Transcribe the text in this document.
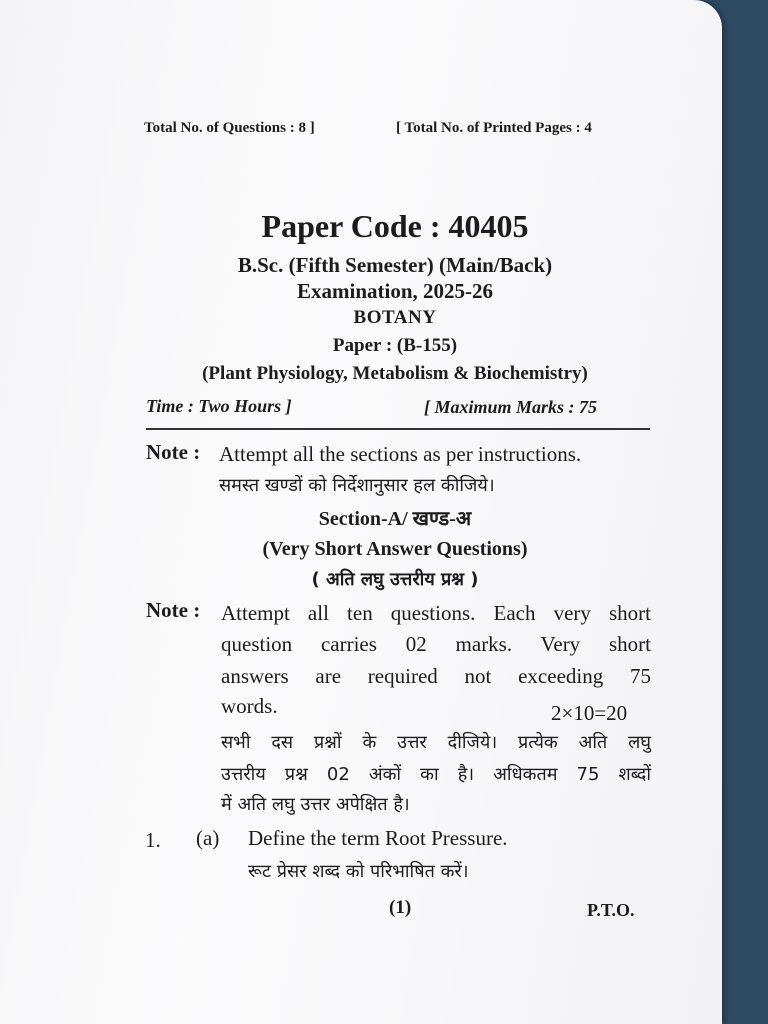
Total No. of Questions : 8 ]	[ Total No. of Printed Pages : 4
Paper Code : 40405
B.Sc. (Fifth Semester) (Main/Back)
Examination, 2025-26
BOTANY
Paper : (B-155)
(Plant Physiology, Metabolism & Biochemistry)
Time : Two Hours ]	[ Maximum Marks : 75
Note : Attempt all the sections as per instructions.
समस्त खण्डों को निर्देशानुसार हल कीजिये।
Section-A/ खण्ड-अ
(Very Short Answer Questions)
( अति लघु उत्तरीय प्रश्न )
Note : Attempt all ten questions. Each very short
question carries 02 marks. Very short
answers are required not exceeding 75
words.	2×10=20
सभी दस प्रश्नों के उत्तर दीजिये। प्रत्येक अति लघु
उत्तरीय प्रश्न 02 अंकों का है। अधिकतम 75 शब्दों
में अति लघु उत्तर अपेक्षित है।
1. (a) Define the term Root Pressure.
रूट प्रेसर शब्द को परिभाषित करें।
(1)	P.T.O.
